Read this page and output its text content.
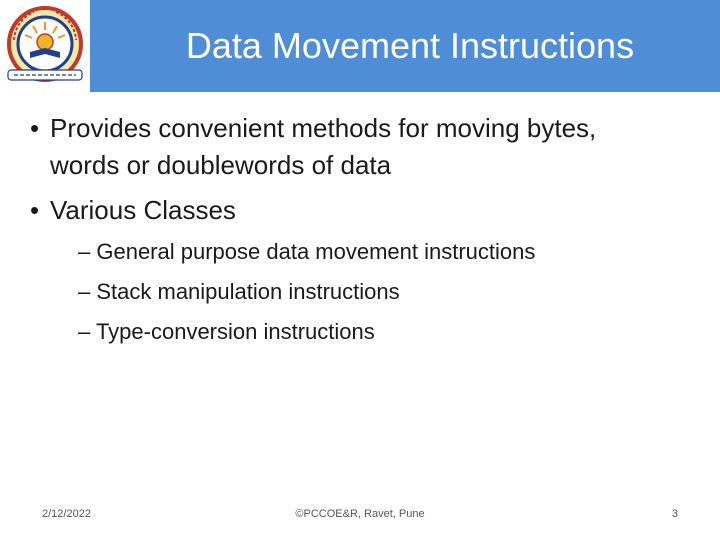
Data Movement Instructions
• Provides convenient methods for moving bytes, words or doublewords of data
• Various Classes
– General purpose data movement instructions
– Stack manipulation instructions
– Type-conversion instructions
2/12/2022	©PCCOE&R, Ravet, Pune	3
